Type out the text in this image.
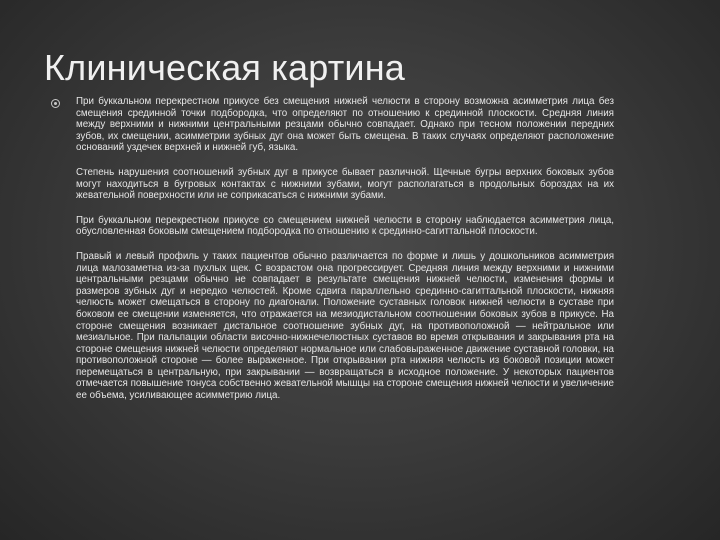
Клиническая картина

При буккальном перекрестном прикусе без смещения нижней челюсти в сторону возможна асимметрия лица без смещения срединной точки подбородка, что определяют по отношению к срединной плоскости. Средняя линия между верхними и нижними центральными резцами обычно совпадает. Однако при тесном положении передних зубов, их смещении, асимметрии зубных дуг она может быть смещена. В таких случаях определяют расположение оснований уздечек верхней и нижней губ, языка.

Степень нарушения соотношений зубных дуг в прикусе бывает различной. Щечные бугры верхних боковых зубов могут находиться в бугровых контактах с нижними зубами, могут располагаться в продольных бороздах на их жевательной поверхности или не соприкасаться с нижними зубами.

При буккальном перекрестном прикусе со смещением нижней челюсти в сторону наблюдается асимметрия лица, обусловленная боковым смещением подбородка по отношению к срединно-сагиттальной плоскости.

Правый и левый профиль у таких пациентов обычно различается по форме и лишь у дошкольников асимметрия лица малозаметна из-за пухлых щек. С возрастом она прогрессирует. Средняя линия между верхними и нижними центральными резцами обычно не совпадает в результате смещения нижней челюсти, изменения формы и размеров зубных дуг и нередко челюстей. Кроме сдвига параллельно срединно-сагиттальной плоскости, нижняя челюсть может смещаться в сторону по диагонали. Положение суставных головок нижней челюсти в суставе при боковом ее смещении изменяется, что отражается на мезиодистальном соотношении боковых зубов в прикусе. На стороне смещения возникает дистальное соотношение зубных дуг, на противоположной — нейтральное или мезиальное. При пальпации области височно-нижнечелюстных суставов во время открывания и закрывания рта на стороне смещения нижней челюсти определяют нормальное или слабовыраженное движение суставной головки, на противоположной стороне — более выраженное. При открывании рта нижняя челюсть из боковой позиции может перемещаться в центральную, при закрывании — возвращаться в исходное положение. У некоторых пациентов отмечается повышение тонуса собственно жевательной мышцы на стороне смещения нижней челюсти и увеличение ее объема, усиливающее асимметрию лица.
